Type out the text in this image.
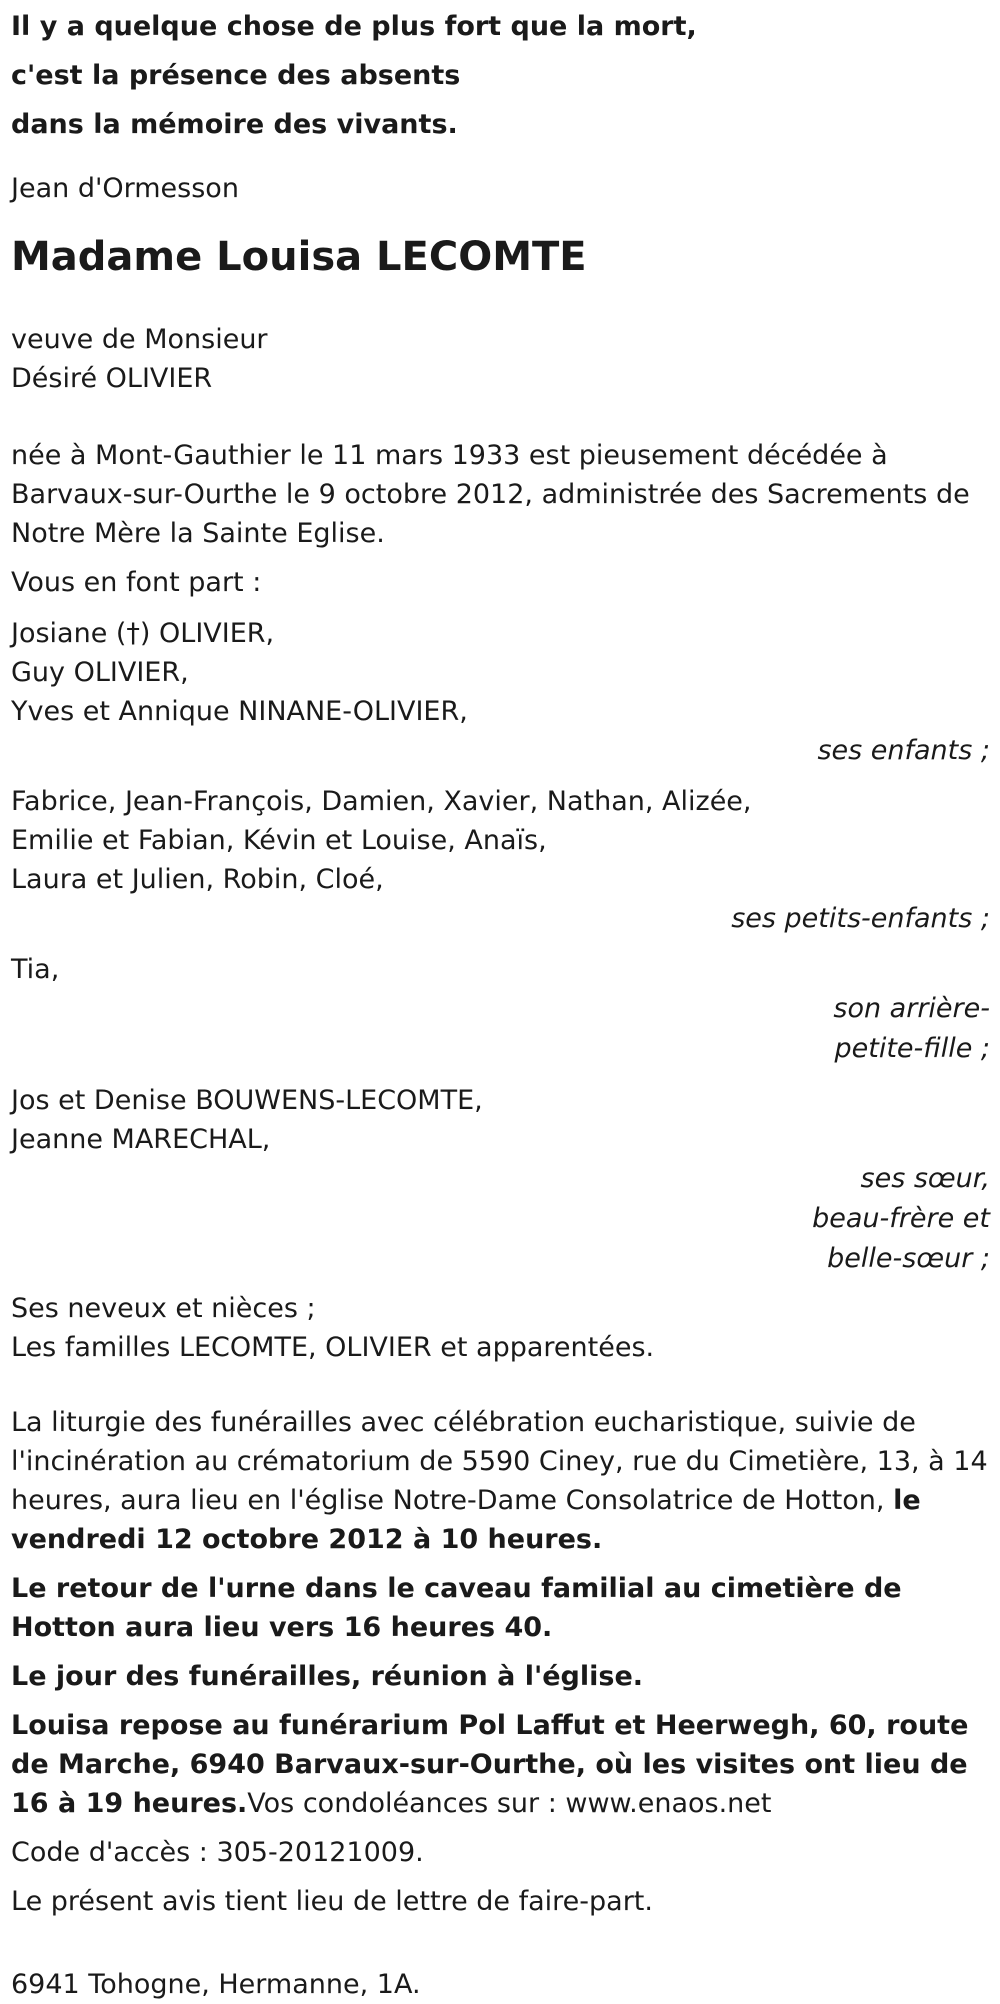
Il y a quelque chose de plus fort que la mort,
c'est la présence des absents
dans la mémoire des vivants.
Jean d'Ormesson
Madame Louisa LECOMTE
veuve de Monsieur
Désiré OLIVIER
née à Mont-Gauthier le 11 mars 1933 est pieusement décédée à Barvaux-sur-Ourthe le 9 octobre 2012, administrée des Sacrements de Notre Mère la Sainte Eglise.
Vous en font part :
Josiane (†) OLIVIER,
Guy OLIVIER,
Yves et Annique NINANE-OLIVIER,
ses enfants ;
Fabrice, Jean-François, Damien, Xavier, Nathan, Alizée,
Emilie et Fabian, Kévin et Louise, Anaïs,
Laura et Julien, Robin, Cloé,
ses petits-enfants ;
Tia,
son arrière-
petite-fille ;
Jos et Denise BOUWENS-LECOMTE,
Jeanne MARECHAL,
ses sœur,
beau-frère et
belle-sœur ;
Ses neveux et nièces ;
Les familles LECOMTE, OLIVIER et apparentées.
La liturgie des funérailles avec célébration eucharistique, suivie de l'incinération au crématorium de 5590 Ciney, rue du Cimetière, 13, à 14 heures, aura lieu en l'église Notre-Dame Consolatrice de Hotton, le vendredi 12 octobre 2012 à 10 heures.
Le retour de l'urne dans le caveau familial au cimetière de Hotton aura lieu vers 16 heures 40.
Le jour des funérailles, réunion à l'église.
Louisa repose au funérarium Pol Laffut et Heerwegh, 60, route de Marche, 6940 Barvaux-sur-Ourthe, où les visites ont lieu de 16 à 19 heures.Vos condoléances sur : www.enaos.net
Code d'accès : 305-20121009.
Le présent avis tient lieu de lettre de faire-part.
6941 Tohogne, Hermanne, 1A.
